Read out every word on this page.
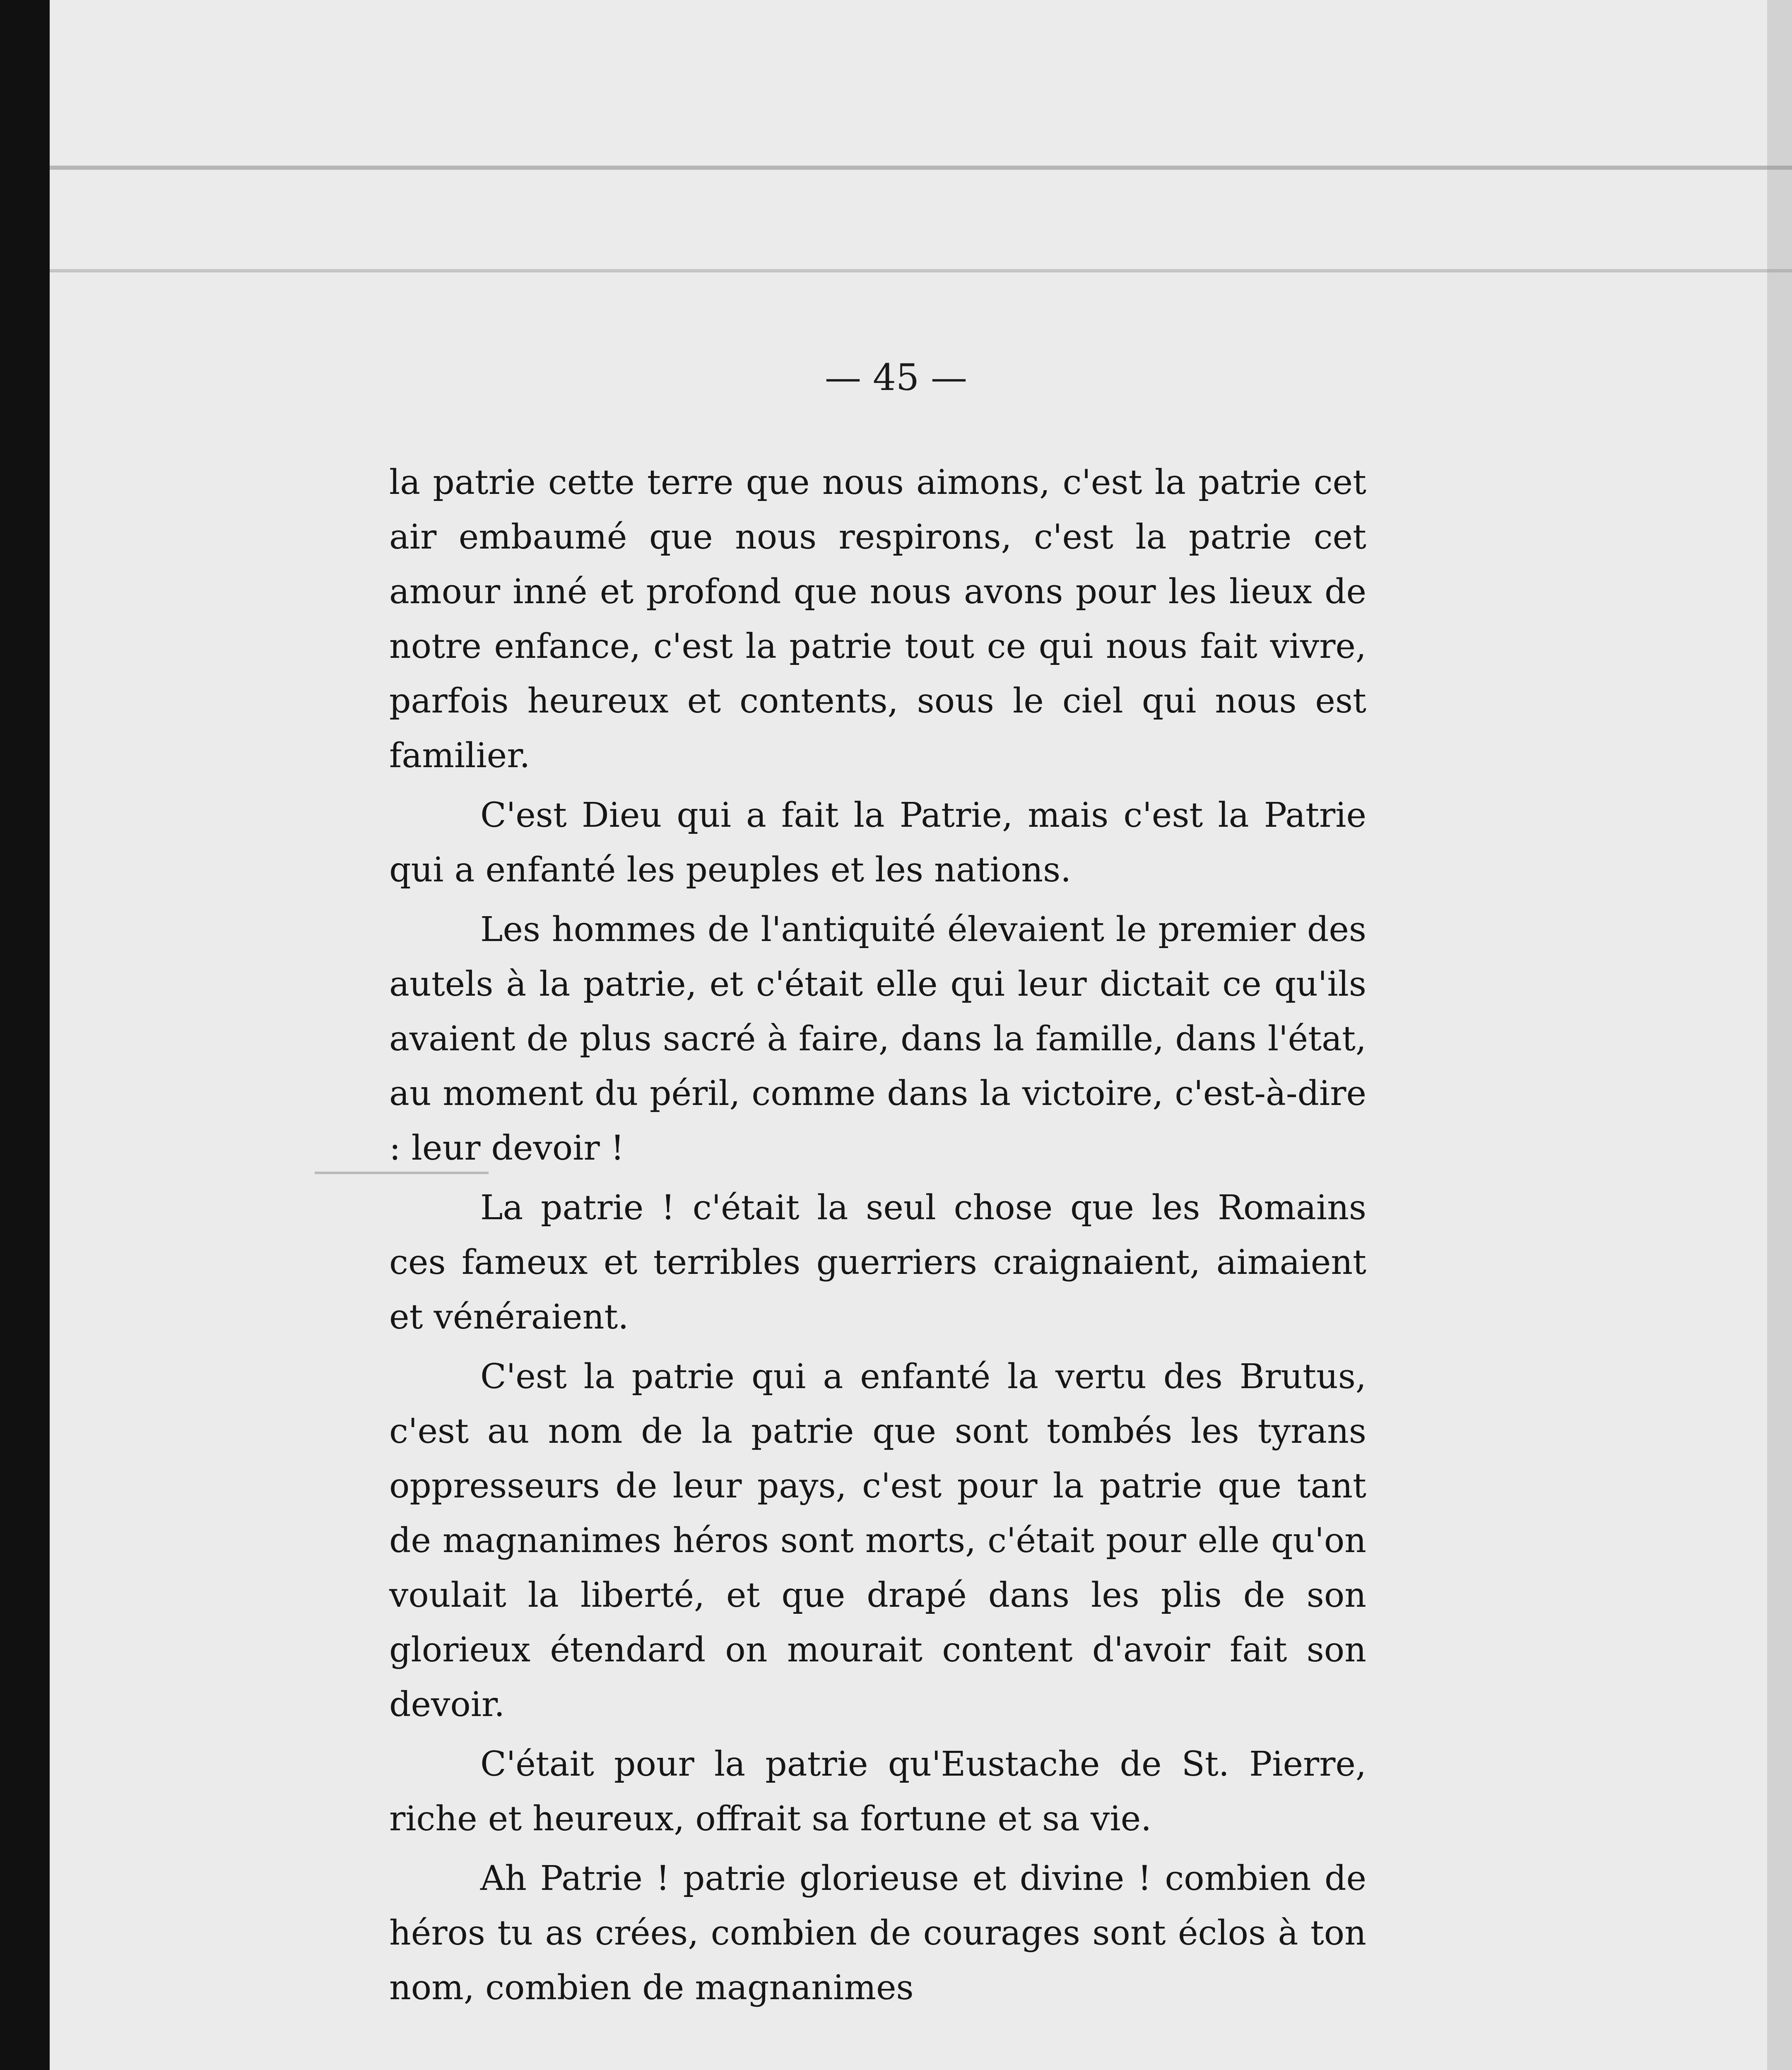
— 45 —

la patrie cette terre que nous aimons, c'est la patrie cet air embaumé que nous respirons, c'est la patrie cet amour inné et profond que nous avons pour les lieux de notre enfance, c'est la patrie tout ce qui nous fait vivre, parfois heureux et contents, sous le ciel qui nous est familier.

C'est Dieu qui a fait la Patrie, mais c'est la Patrie qui a enfanté les peuples et les nations.

Les hommes de l'antiquité élevaient le premier des autels à la patrie, et c'était elle qui leur dictait ce qu'ils avaient de plus sacré à faire, dans la famille, dans l'état, au moment du péril, comme dans la victoire, c'est-à-dire : leur devoir !

La patrie ! c'était la seul chose que les Romains ces fameux et terribles guerriers craignaient, aimaient et vénéraient.

C'est la patrie qui a enfanté la vertu des Brutus, c'est au nom de la patrie que sont tombés les tyrans oppresseurs de leur pays, c'est pour la patrie que tant de magnanimes héros sont morts, c'était pour elle qu'on voulait la liberté, et que drapé dans les plis de son glorieux étendard on mourait content d'avoir fait son devoir.

C'était pour la patrie qu'Eustache de St. Pierre, riche et heureux, offrait sa fortune et sa vie.

Ah Patrie ! patrie glorieuse et divine ! combien de héros tu as crées, combien de courages sont éclos à ton nom, combien de magnanimes
